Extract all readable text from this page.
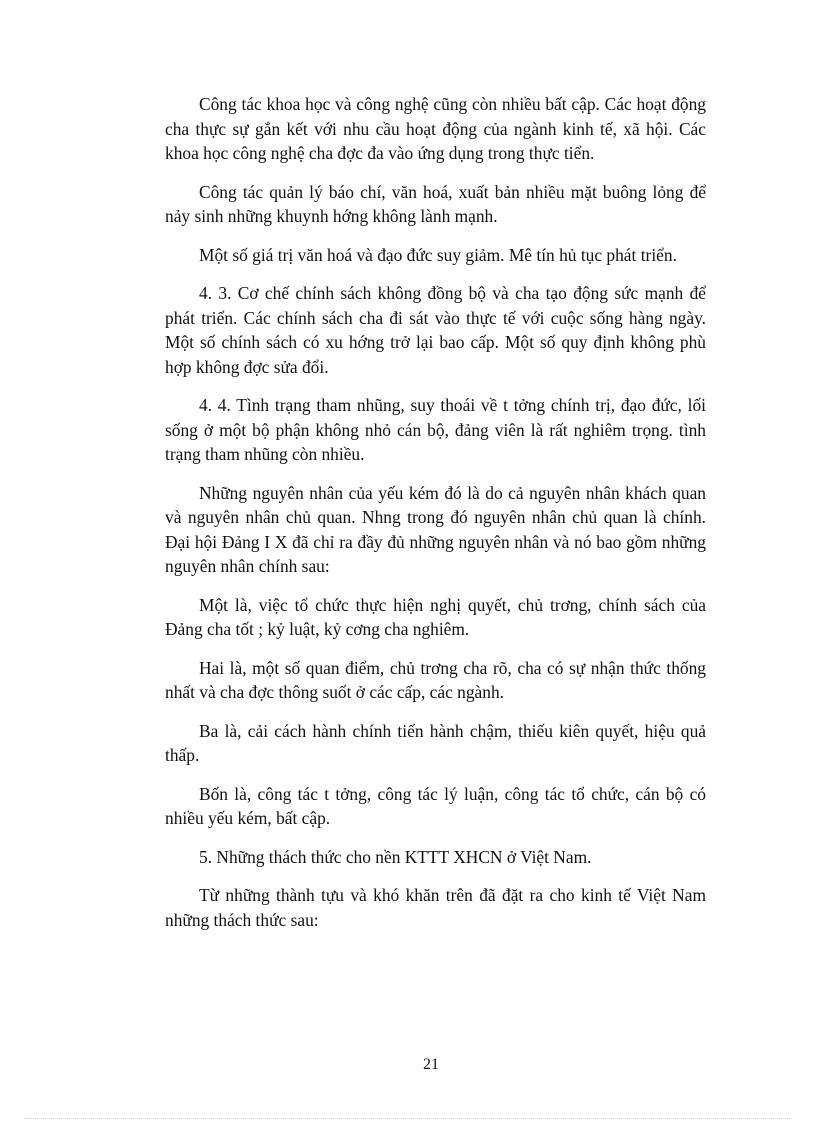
Công tác khoa học và công nghệ cũng còn nhiều bất cập. Các hoạt động cha thực sự gắn kết với nhu cầu hoạt động của ngành kinh tế, xã hội. Các khoa học công nghệ cha đợc đa vào ứng dụng trong thực tiển.

Công tác quản lý báo chí, văn hoá, xuất bản nhiều mặt buông lỏng để nảy sinh những khuynh hớng không lành mạnh.

Một số giá trị văn hoá và đạo đức suy giảm. Mê tín hủ tục phát triển.

4. 3. Cơ chế chính sách không đồng bộ và cha tạo động sức mạnh để phát triển. Các chính sách cha đi sát vào thực tế với cuộc sống hàng ngày. Một số chính sách có xu hớng trở lại bao cấp. Một số quy định không phù hợp không đợc sửa đổi.

4. 4. Tình trạng tham nhũng, suy thoái về t tởng chính trị, đạo đức, lối sống ở một bộ phận không nhỏ cán bộ, đảng viên là rất nghiêm trọng. tình trạng tham nhũng còn nhiều.

Những nguyên nhân của yếu kém đó là do cả nguyên nhân khách quan và nguyên nhân chủ quan. Nhng trong đó nguyên nhân chủ quan là chính. Đại hội Đảng I X đã chỉ ra đầy đủ những nguyên nhân và nó bao gồm những nguyên nhân chính sau:

Một là, việc tổ chức thực hiện nghị quyết, chủ trơng, chính sách của Đảng cha tốt ; kỷ luật, kỷ cơng cha nghiêm.

Hai là, một số quan điểm, chủ trơng cha rõ, cha có sự nhận thức thống nhất và cha đợc thông suốt ở các cấp, các ngành.

Ba là, cải cách hành chính tiến hành chậm, thiếu kiên quyết, hiệu quả thấp.

Bốn là, công tác t tởng, công tác lý luận, công tác tổ chức, cán bộ có nhiều yếu kém, bất cập.

5. Những thách thức cho nền KTTT XHCN ở Việt Nam.

Từ những thành tựu và khó khăn trên đã đặt ra cho kinh tế Việt Nam những thách thức sau:

21
